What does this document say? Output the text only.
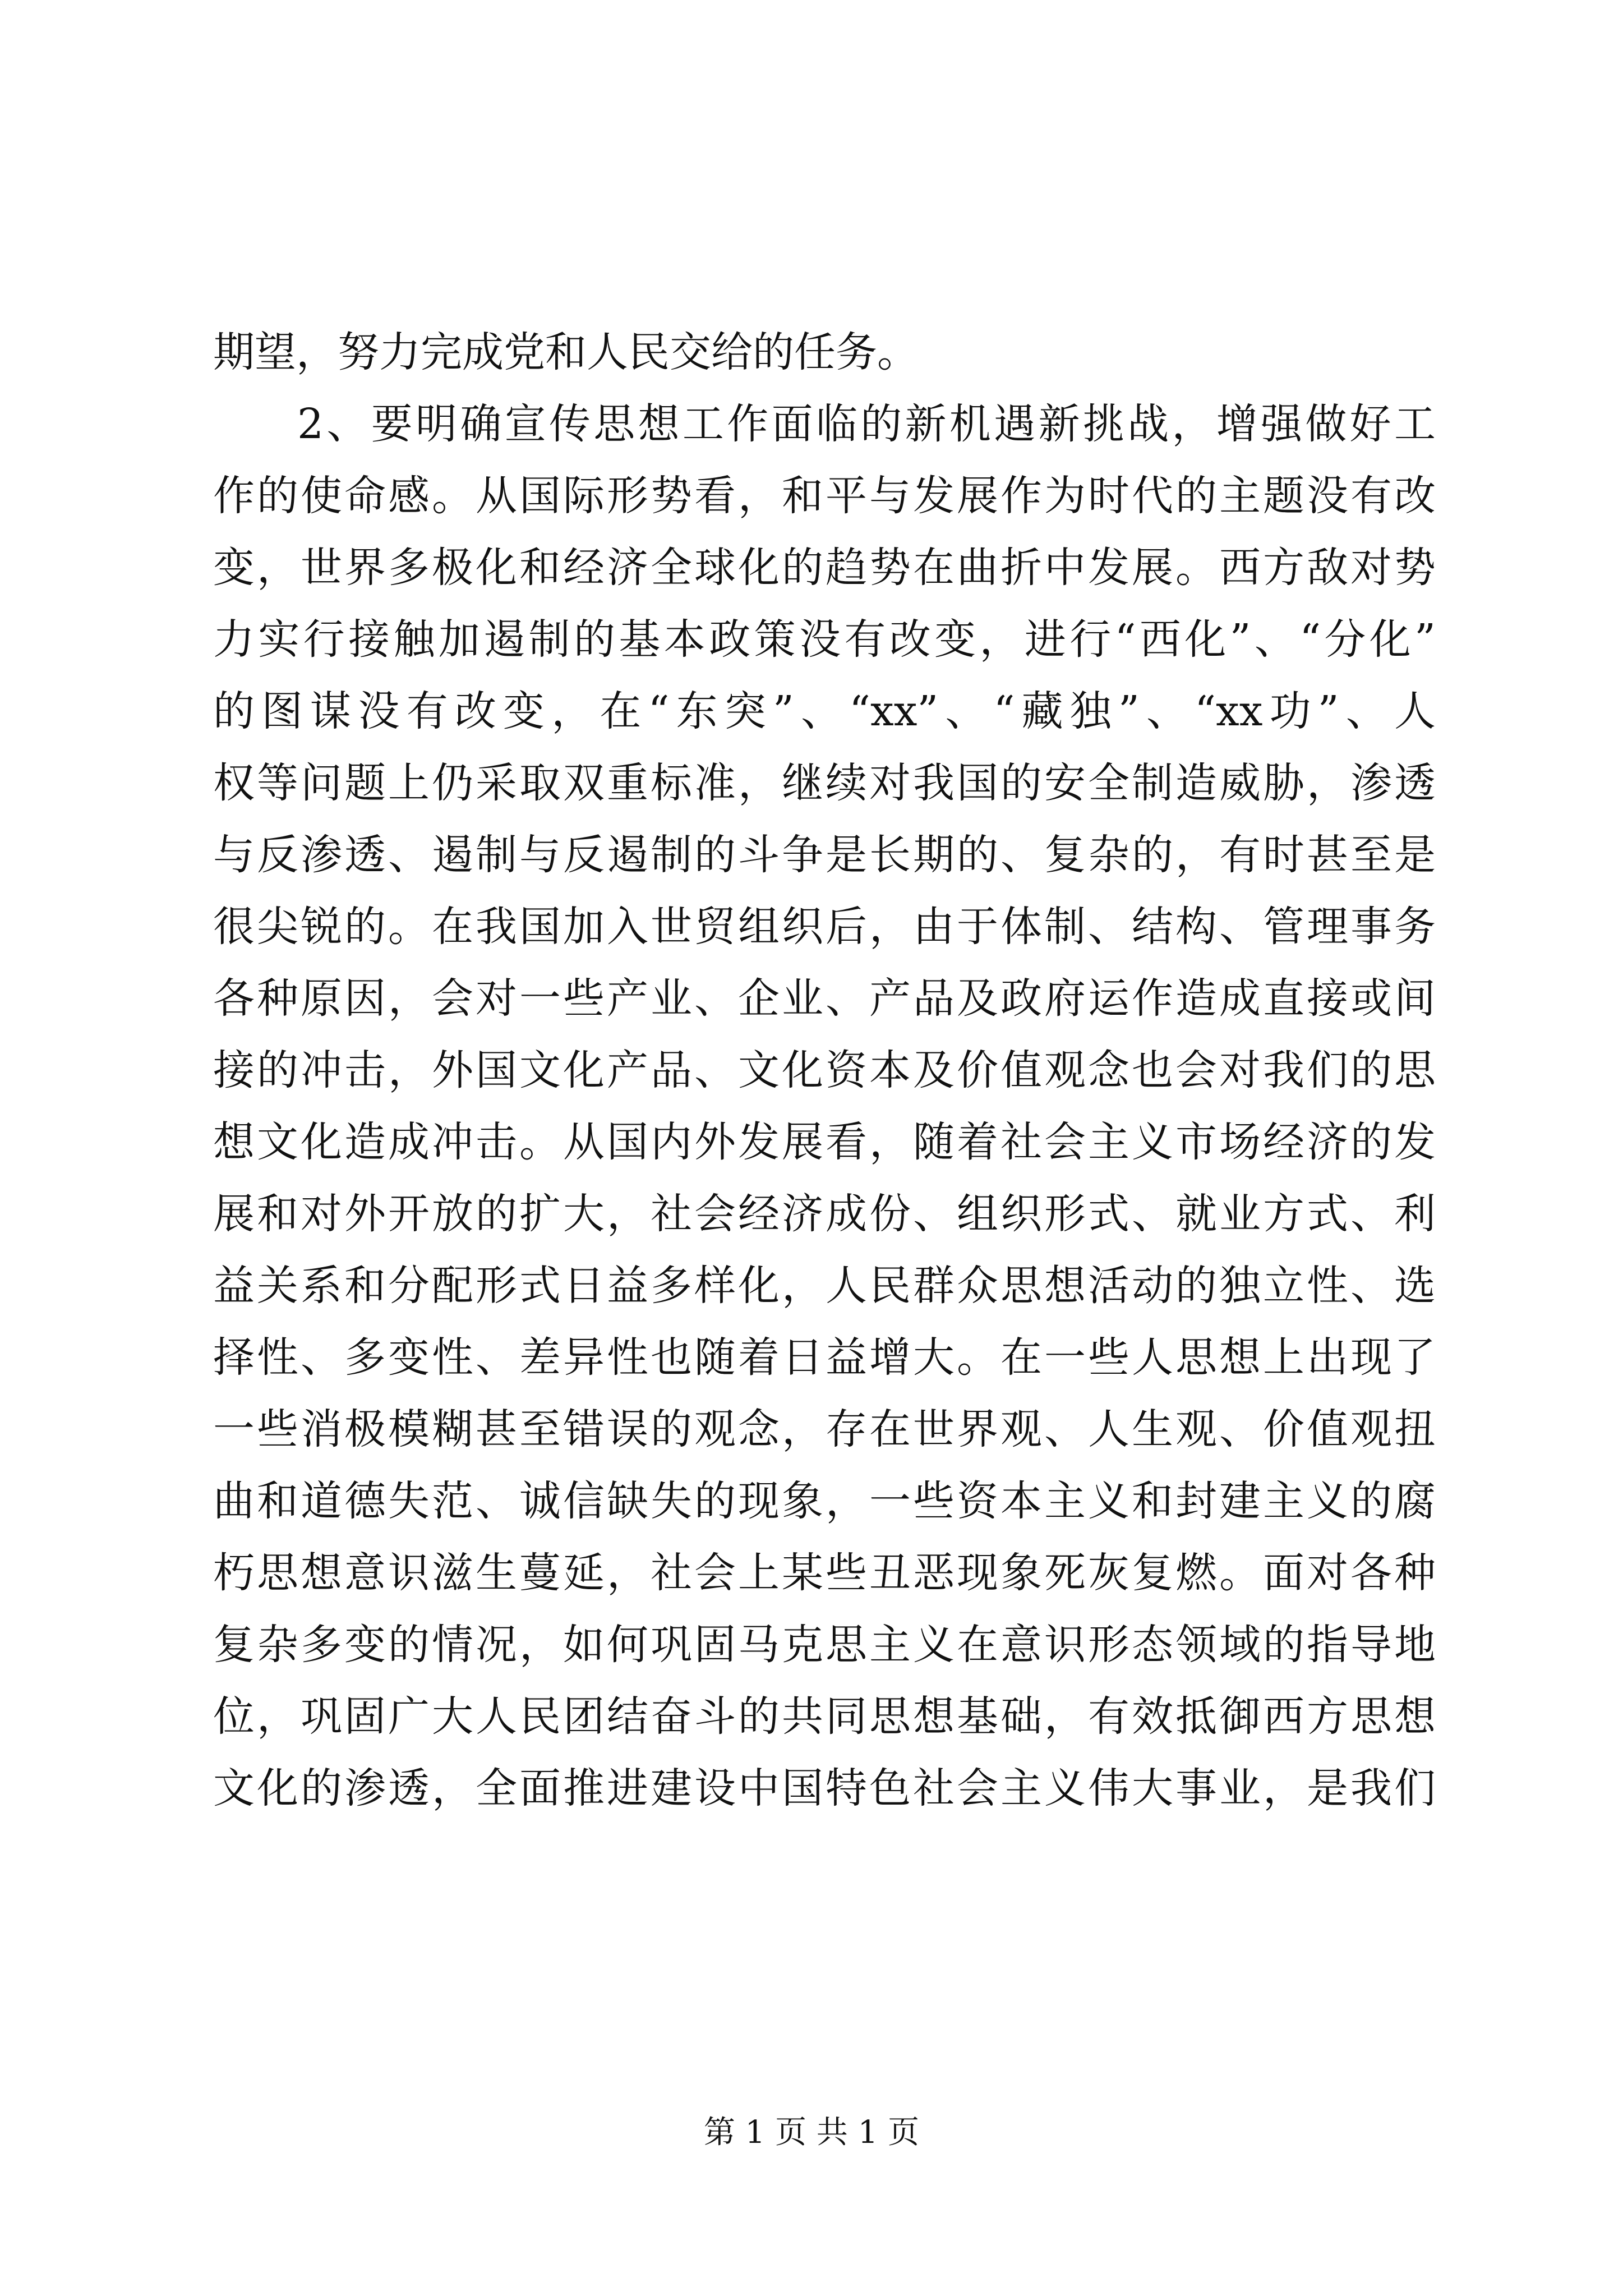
期望，努力完成党和人民交给的任务。
2、要明确宣传思想工作面临的新机遇新挑战，增强做好工
作的使命感。从国际形势看，和平与发展作为时代的主题没有改
变，世界多极化和经济全球化的趋势在曲折中发展。西方敌对势
力实行接触加遏制的基本政策没有改变，进行“西化”、“分化”
的图谋没有改变，在“东突”、“xx”、“藏独”、“xx功”、人
权等问题上仍采取双重标准，继续对我国的安全制造威胁，渗透
与反渗透、遏制与反遏制的斗争是长期的、复杂的，有时甚至是
很尖锐的。在我国加入世贸组织后，由于体制、结构、管理事务
各种原因，会对一些产业、企业、产品及政府运作造成直接或间
接的冲击，外国文化产品、文化资本及价值观念也会对我们的思
想文化造成冲击。从国内外发展看，随着社会主义市场经济的发
展和对外开放的扩大，社会经济成份、组织形式、就业方式、利
益关系和分配形式日益多样化，人民群众思想活动的独立性、选
择性、多变性、差异性也随着日益增大。在一些人思想上出现了
一些消极模糊甚至错误的观念，存在世界观、人生观、价值观扭
曲和道德失范、诚信缺失的现象，一些资本主义和封建主义的腐
朽思想意识滋生蔓延，社会上某些丑恶现象死灰复燃。面对各种
复杂多变的情况，如何巩固马克思主义在意识形态领域的指导地
位，巩固广大人民团结奋斗的共同思想基础，有效抵御西方思想
文化的渗透，全面推进建设中国特色社会主义伟大事业，是我们
第 1 页 共 1 页
